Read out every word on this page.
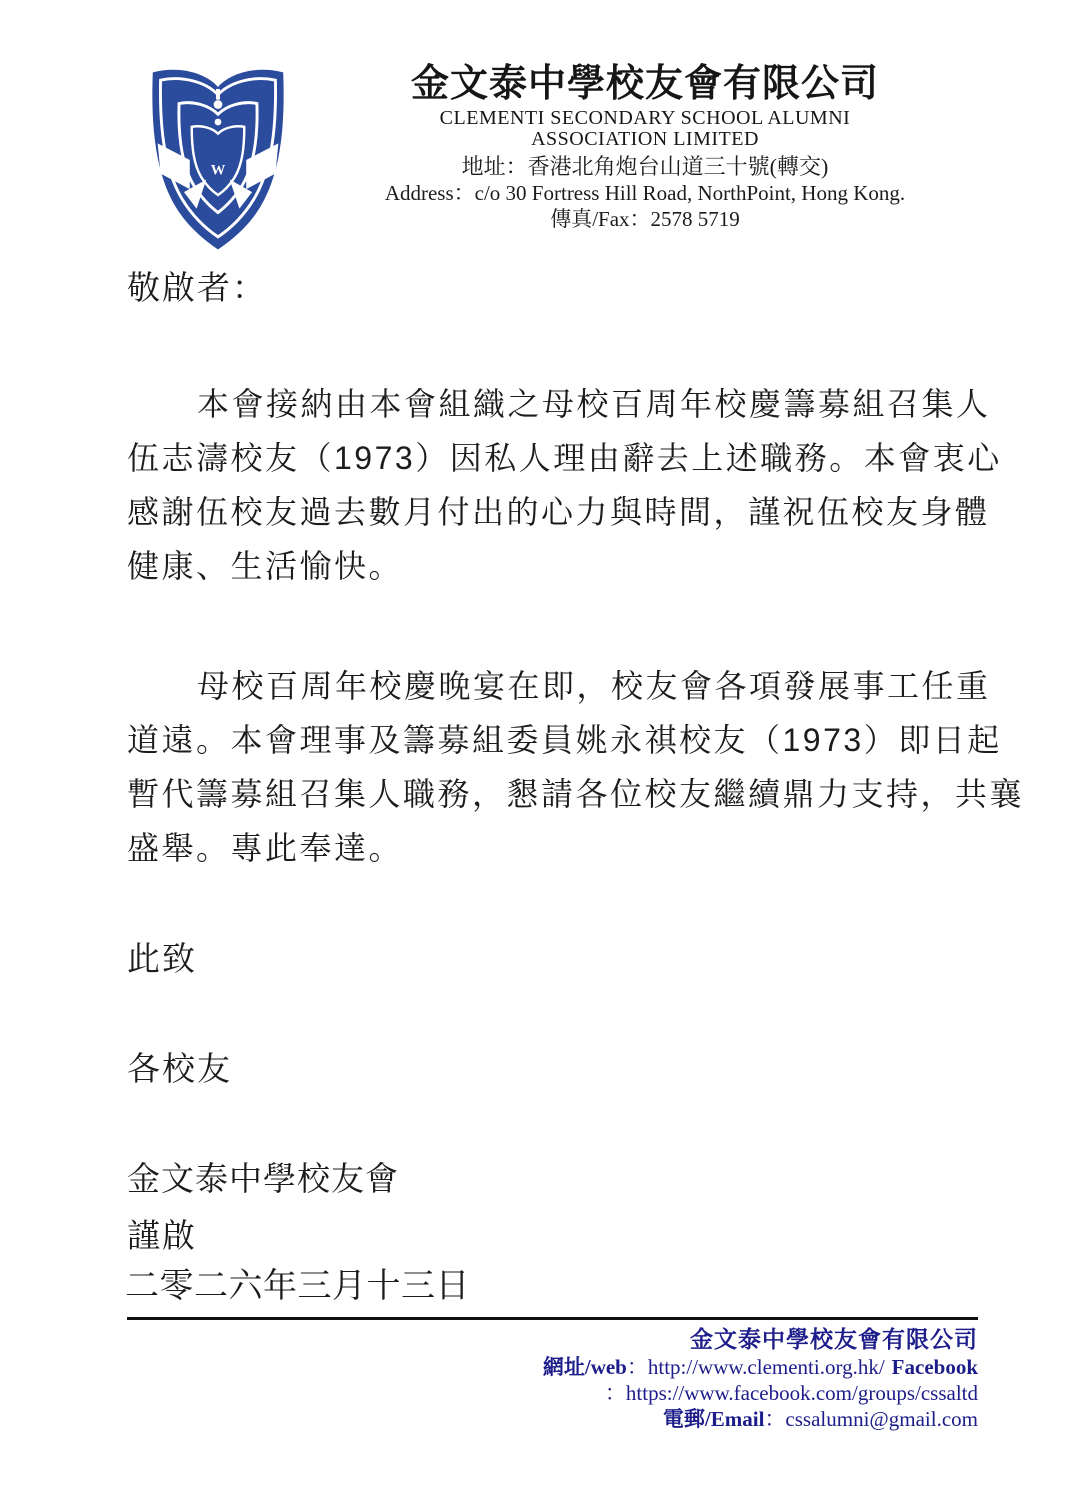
W
金文泰中學校友會有限公司
CLEMENTI SECONDARY SCHOOL ALUMNI
ASSOCIATION LIMITED
地址：香港北角炮台山道三十號(轉交)
Address：c/o 30 Fortress Hill Road, NorthPoint, Hong Kong.
傳真/Fax：2578 5719
敬啟者：
本會接納由本會組織之母校百周年校慶籌募組召集人
伍志濤校友（1973）因私人理由辭去上述職務。本會衷心
感謝伍校友過去數月付出的心力與時間，謹祝伍校友身體
健康、生活愉快。
母校百周年校慶晚宴在即，校友會各項發展事工任重
道遠。本會理事及籌募組委員姚永祺校友（1973）即日起
暫代籌募組召集人職務，懇請各位校友繼續鼎力支持，共襄
盛舉。專此奉達。
此致
各校友
金文泰中學校友會
謹啟
二零二六年三月十三日
金文泰中學校友會有限公司
網址/web：http://www.clementi.org.hk/ Facebook
：https://www.facebook.com/groups/cssaltd
電郵/Email：cssalumni@gmail.com
